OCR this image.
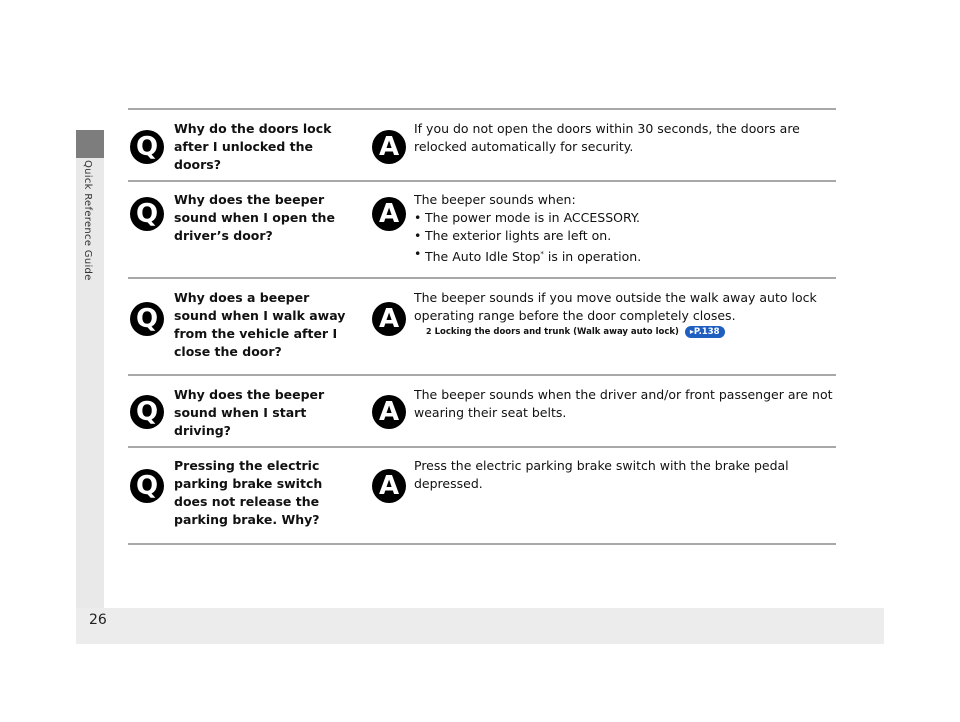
Quick Reference Guide
26
Q
Why do the doors lock after I unlocked the doors?
A
If you do not open the doors within 30 seconds, the doors are relocked automatically for security.
Q	Why does the beeper sound when I open the driver’s door?
A	The beeper sounds when:
• The power mode is in ACCESSORY.
• The exterior lights are left on.
• The Auto Idle Stop* is in operation.
Q
Why does a beeper sound when I walk away from the vehicle after I close the door?
A
The beeper sounds if you move outside the walk away auto lock operating range before the door completely closes.
2 Locking the doors and trunk (Walk away auto lock) ▸P.138
Q
Why does the beeper sound when I start driving?
A
The beeper sounds when the driver and/or front passenger are not wearing their seat belts.
Q
Pressing the electric parking brake switch does not release the parking brake. Why?
A
Press the electric parking brake switch with the brake pedal depressed.
